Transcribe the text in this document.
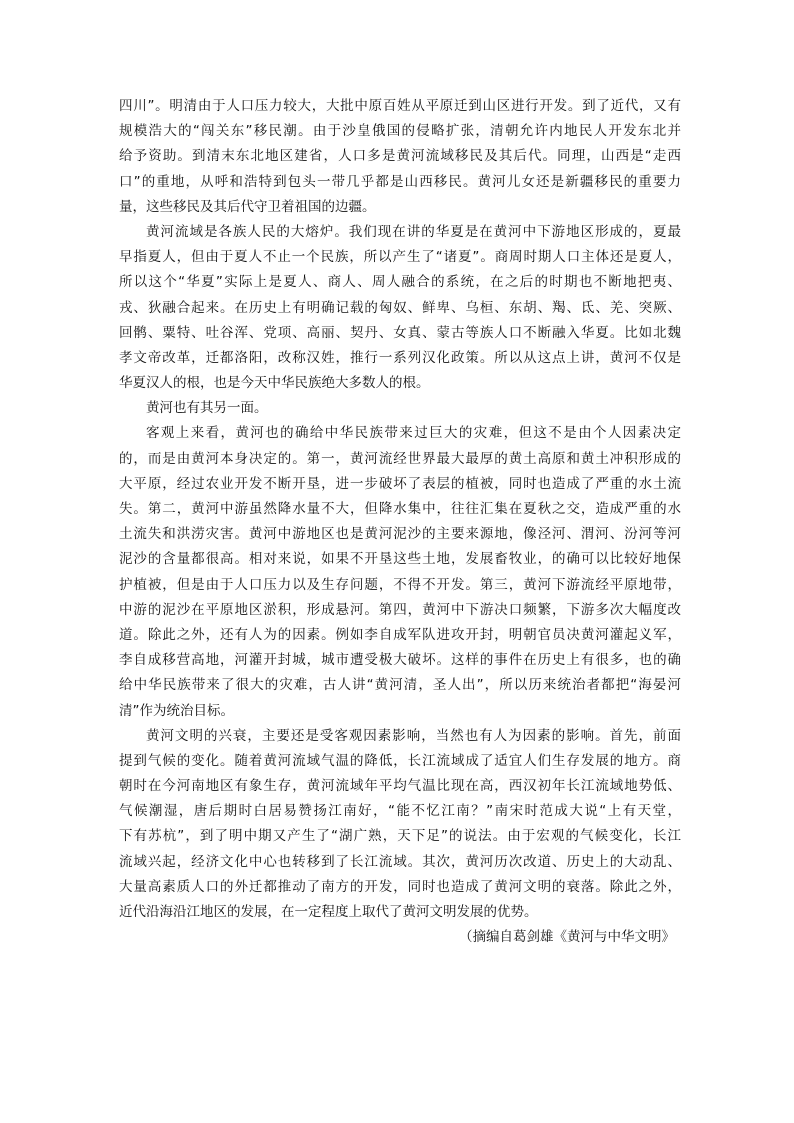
四川”。明清由于人口压力较大，大批中原百姓从平原迁到山区进行开发。到了近代，又有
规模浩大的“闯关东”移民潮。由于沙皇俄国的侵略扩张，清朝允许内地民人开发东北并
给予资助。到清末东北地区建省，人口多是黄河流域移民及其后代。同理，山西是“走西
口”的重地，从呼和浩特到包头一带几乎都是山西移民。黄河儿女还是新疆移民的重要力
量，这些移民及其后代守卫着祖国的边疆。
黄河流域是各族人民的大熔炉。我们现在讲的华夏是在黄河中下游地区形成的，夏最
早指夏人，但由于夏人不止一个民族，所以产生了“诸夏”。商周时期人口主体还是夏人，
所以这个“华夏”实际上是夏人、商人、周人融合的系统，在之后的时期也不断地把夷、
戎、狄融合起来。在历史上有明确记载的匈奴、鲜卑、乌桓、东胡、羯、氐、羌、突厥、
回鹘、粟特、吐谷浑、党项、高丽、契丹、女真、蒙古等族人口不断融入华夏。比如北魏
孝文帝改革，迁都洛阳，改称汉姓，推行一系列汉化政策。所以从这点上讲，黄河不仅是
华夏汉人的根，也是今天中华民族绝大多数人的根。
黄河也有其另一面。
客观上来看，黄河也的确给中华民族带来过巨大的灾难，但这不是由个人因素决定
的，而是由黄河本身决定的。第一，黄河流经世界最大最厚的黄土高原和黄土冲积形成的
大平原，经过农业开发不断开垦，进一步破坏了表层的植被，同时也造成了严重的水土流
失。第二，黄河中游虽然降水量不大，但降水集中，往往汇集在夏秋之交，造成严重的水
土流失和洪涝灾害。黄河中游地区也是黄河泥沙的主要来源地，像泾河、渭河、汾河等河
泥沙的含量都很高。相对来说，如果不开垦这些土地，发展畜牧业，的确可以比较好地保
护植被，但是由于人口压力以及生存问题，不得不开发。第三，黄河下游流经平原地带，
中游的泥沙在平原地区淤积，形成悬河。第四，黄河中下游决口频繁，下游多次大幅度改
道。除此之外，还有人为的因素。例如李自成军队进攻开封，明朝官员决黄河灌起义军，
李自成移营高地，河灌开封城，城市遭受极大破坏。这样的事件在历史上有很多，也的确
给中华民族带来了很大的灾难，古人讲“黄河清，圣人出”，所以历来统治者都把“海晏河
清”作为统治目标。
黄河文明的兴衰，主要还是受客观因素影响，当然也有人为因素的影响。首先，前面
提到气候的变化。随着黄河流域气温的降低，长江流域成了适宜人们生存发展的地方。商
朝时在今河南地区有象生存，黄河流域年平均气温比现在高，西汉初年长江流域地势低、
气候潮湿，唐后期时白居易赞扬江南好，“能不忆江南？”南宋时范成大说“上有天堂，
下有苏杭”，到了明中期又产生了“湖广熟，天下足”的说法。由于宏观的气候变化，长江
流域兴起，经济文化中心也转移到了长江流域。其次，黄河历次改道、历史上的大动乱、
大量高素质人口的外迁都推动了南方的开发，同时也造成了黄河文明的衰落。除此之外，
近代沿海沿江地区的发展，在一定程度上取代了黄河文明发展的优势。
（摘编自葛剑雄《黄河与中华文明》
